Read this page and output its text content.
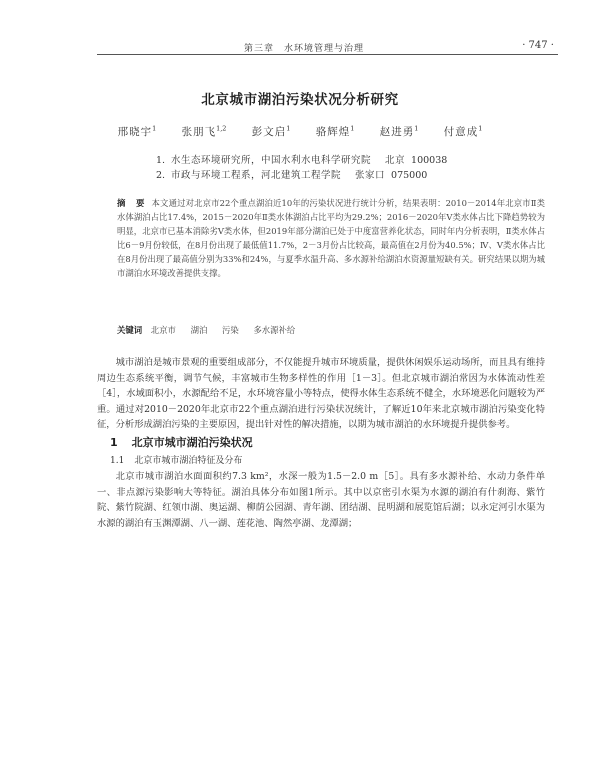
第三章　水环境管理与治理	· 747 ·
北京城市湖泊污染状况分析研究
邢晓宇$^1$ 张朋飞$^{1,2}$ 彭文启$^1$ 骆辉煌$^1$ 赵进勇$^1$ 付意成$^1$
1. 水生态环境研究所，中国水利水电科学研究院 北京 100038
2. 市政与环境工程系，河北建筑工程学院 张家口 075000
摘　要 本文通过对北京市22个重点湖泊近10年的污染状况进行统计分析，结果表明：2010－2014年北京市Ⅱ类水体湖泊占比17.4%，2015－2020年Ⅱ类水体湖泊占比平均为29.2%；2016－2020年Ⅴ类水体占比下降趋势较为明显，北京市已基本消除劣Ⅴ类水体，但2019年部分湖泊已处于中度富营养化状态，同时年内分析表明，Ⅱ类水体占比6－9月份较低，在8月份出现了最低值11.7%，2－3月份占比较高，最高值在2月份为40.5%；Ⅳ、Ⅴ类水体占比在8月份出现了最高值分别为33%和24%，与夏季水温升高、多水源补给湖泊水资源量短缺有关。研究结果以期为城市湖泊水环境改善提供支撑。
关键词 北京市 湖泊 污染 多水源补给
城市湖泊是城市景观的重要组成部分，不仅能提升城市环境质量，提供休闲娱乐运动场所，而且具有维持周边生态系统平衡，调节气候，丰富城市生物多样性的作用［1－3］。但北京城市湖泊常因为水体流动性差［4］，水域面积小，水源配给不足，水环境容量小等特点，使得水体生态系统不健全，水环境恶化问题较为严重。通过对2010－2020年北京市22个重点湖泊进行污染状况统计，了解近10年来北京城市湖泊污染变化特征，分析形成湖泊污染的主要原因，提出针对性的解决措施，以期为城市湖泊的水环境提升提供参考。
1 北京市城市湖泊污染状况
1.1 北京市城市湖泊特征及分布
北京市城市湖泊水面面积约7.3 km²，水深一般为1.5－2.0 m［5］。具有多水源补给、水动力条件单一、非点源污染影响大等特征。湖泊具体分布如图1所示。其中以京密引水渠为水源的湖泊有什刹海、紫竹院、紫竹院湖、红领巾湖、奥运湖、柳荫公园湖、青年湖、团结湖、昆明湖和展览馆后湖；以永定河引水渠为水源的湖泊有玉渊潭湖、八一湖、莲花池、陶然亭湖、龙潭湖；
